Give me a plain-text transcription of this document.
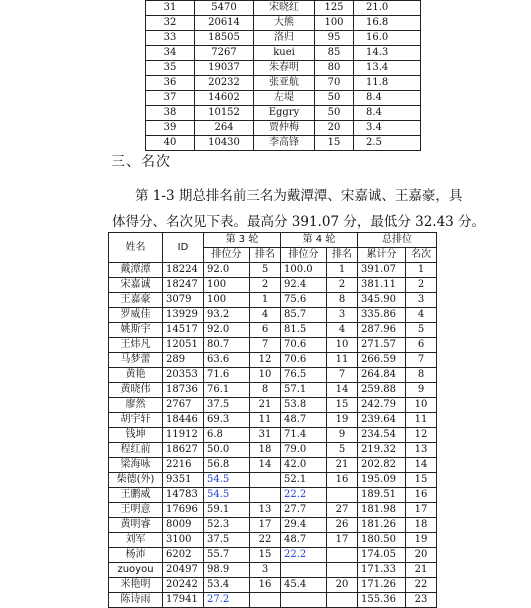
31	5470	宋晓红	125	21.0
32	20614	大熊	100	16.8
33	18505	洛归	95	16.0
34	7267	kuei	85	14.3
35	19037	朱春明	80	13.4
36	20232	张亚航	70	11.8
37	14602	左堤	50	8.4
38	10152	Eggry	50	8.4
39	264	贾仲梅	20	3.4
40	10430	李高锋	15	2.5
三、名次
第 1-3 期总排名前三名为戴潭潭、宋嘉诚、王嘉豪，具
体得分、名次见下表。最高分 391.07 分，最低分 32.43 分。
姓名	ID	第 3 轮		第 4 轮		总排位	
		排位分	排名	排位分	排名	累计分	名次
戴潭潭	18224	92.0	5	100.0	1	391.07	1
宋嘉诚	18247	100	2	92.4	2	381.11	2
王嘉豪	3079	100	1	75.6	8	345.90	3
罗威佳	13929	93.2	4	85.7	3	335.86	4
姚斯宇	14517	92.0	6	81.5	4	287.96	5
王炜凡	12051	80.7	7	70.6	10	271.57	6
马梦蕾	289	63.6	12	70.6	11	266.59	7
黄艳	20353	71.6	10	76.5	7	264.84	8
黄晓伟	18736	76.1	8	57.1	14	259.88	9
廖然	2767	37.5	21	53.8	15	242.79	10
胡宇轩	18446	69.3	11	48.7	19	239.64	11
钱坤	11912	6.8	31	71.4	9	234.54	12
程红前	18627	50.0	18	79.0	5	219.32	13
梁海咏	2216	56.8	14	42.0	21	202.82	14
柴德(外)	9351	54.5		52.1	16	195.09	15
王鹏威	14783	54.5		22.2		189.51	16
王明意	17696	59.1	13	27.7	27	181.98	17
黄明睿	8009	52.3	17	29.4	26	181.26	18
刘军	3100	37.5	22	48.7	17	180.50	19
杨沛	6202	55.7	15	22.2		174.05	20
zuoyou	20497	98.9	3			171.33	21
米艳明	20242	53.4	16	45.4	20	171.26	22
陈诗雨	17941	27.2				155.36	23
